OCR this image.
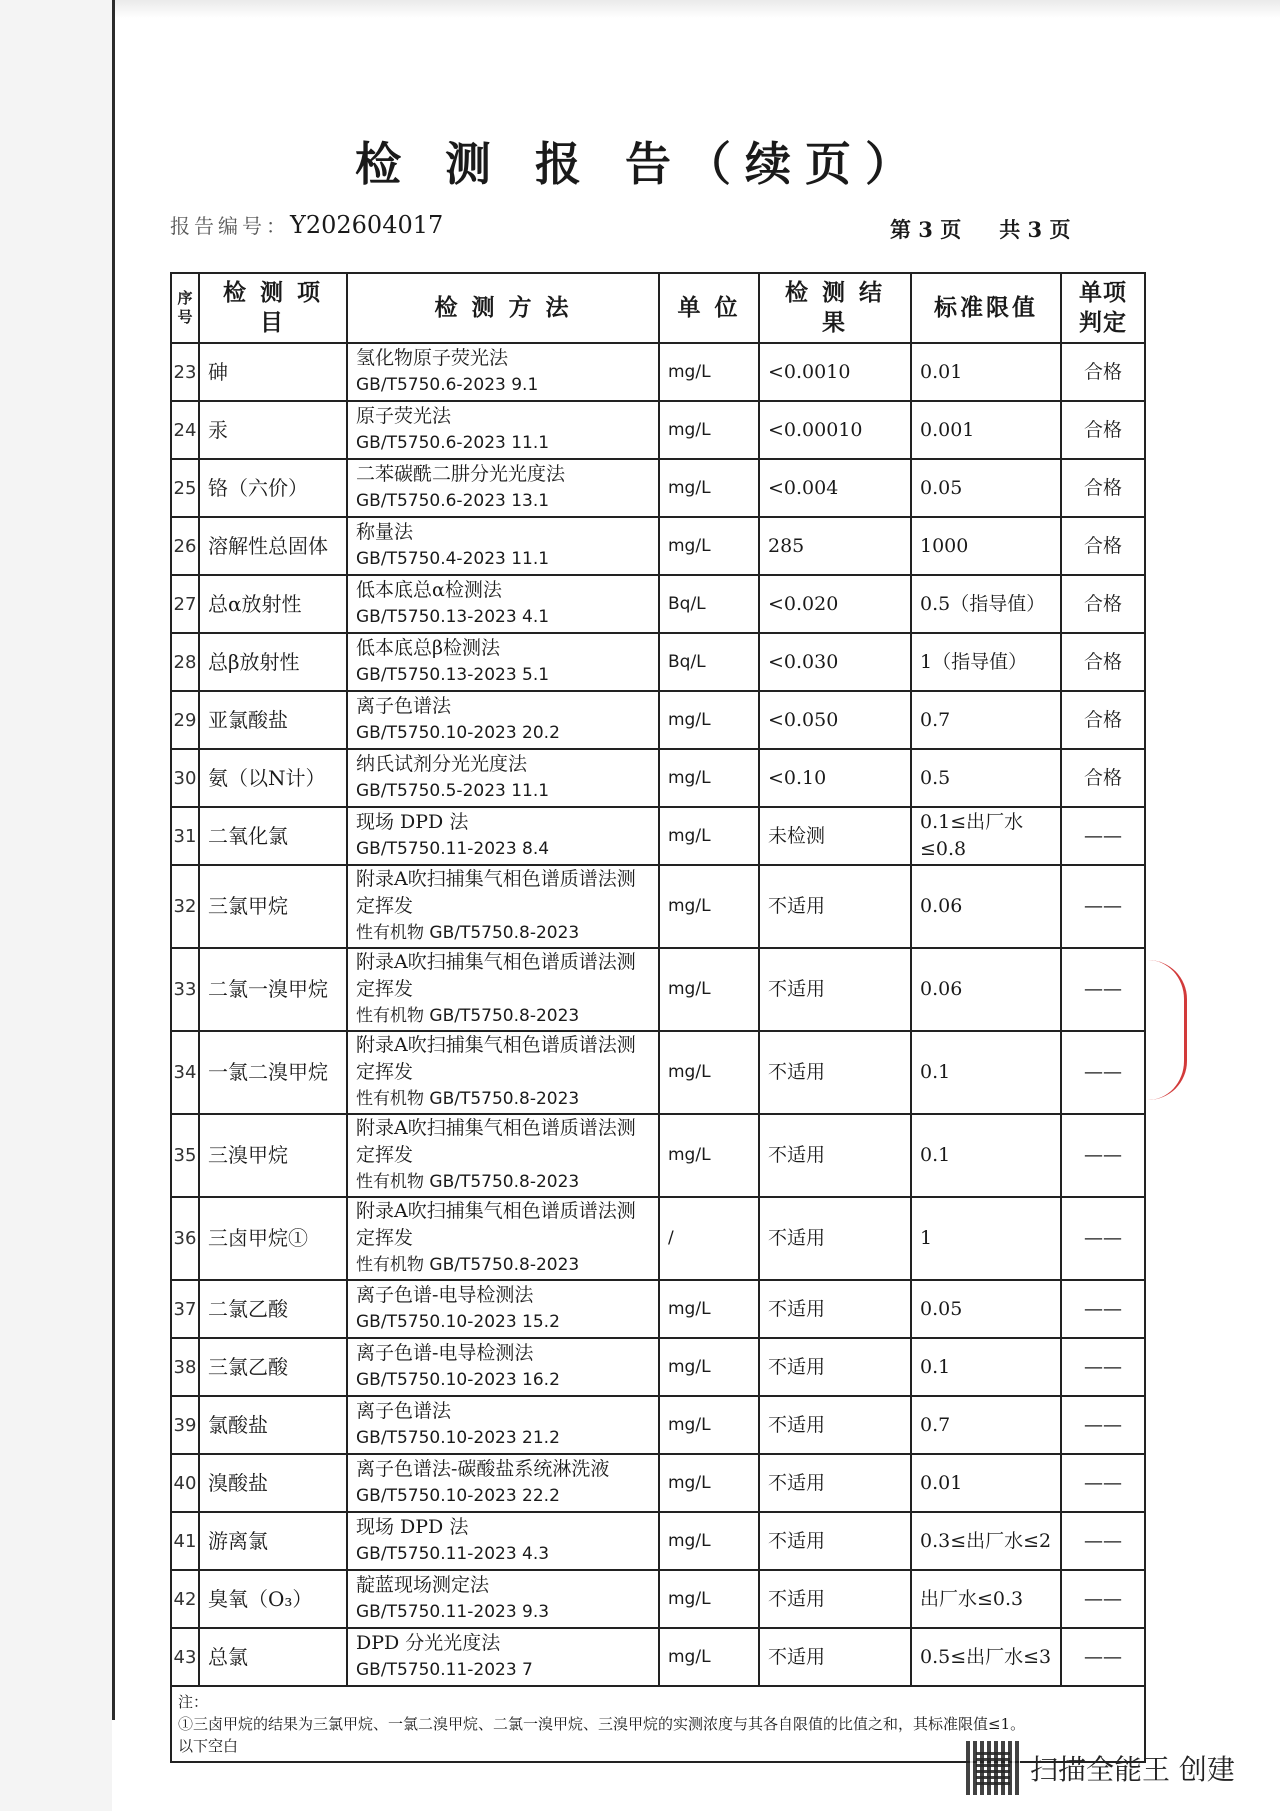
检 测 报 告（续页）
报告编号：Y202604017	第 3 页 共 3 页
序号	检 测 项 目	检 测 方 法	单 位	检 测 结 果	标准限值	单项 判定
23	砷	氢化物原子荧光法
GB/T5750.6-2023 9.1	mg/L	<0.0010	0.01	合格
24	汞	原子荧光法
GB/T5750.6-2023 11.1	mg/L	<0.00010	0.001	合格
25	铬（六价）	二苯碳酰二肼分光光度法
GB/T5750.6-2023 13.1	mg/L	<0.004	0.05	合格
26	溶解性总固体	称量法
GB/T5750.4-2023 11.1	mg/L	285	1000	合格
27	总α放射性	低本底总α检测法
GB/T5750.13-2023 4.1	Bq/L	<0.020	0.5（指导值）	合格
28	总β放射性	低本底总β检测法
GB/T5750.13-2023 5.1	Bq/L	<0.030	1（指导值）	合格
29	亚氯酸盐	离子色谱法
GB/T5750.10-2023 20.2	mg/L	<0.050	0.7	合格
30	氨（以N计）	纳氏试剂分光光度法
GB/T5750.5-2023 11.1	mg/L	<0.10	0.5	合格
31	二氧化氯	现场 DPD 法
GB/T5750.11-2023 8.4	mg/L	未检测	0.1≤出厂水≤0.8	——
32	三氯甲烷	附录A吹扫捕集气相色谱质谱法测定挥发
性有机物 GB/T5750.8-2023	mg/L	不适用	0.06	——
33	二氯一溴甲烷	附录A吹扫捕集气相色谱质谱法测定挥发
性有机物 GB/T5750.8-2023	mg/L	不适用	0.06	——
34	一氯二溴甲烷	附录A吹扫捕集气相色谱质谱法测定挥发
性有机物 GB/T5750.8-2023	mg/L	不适用	0.1	——
35	三溴甲烷	附录A吹扫捕集气相色谱质谱法测定挥发
性有机物 GB/T5750.8-2023	mg/L	不适用	0.1	——
36	三卤甲烷①	附录A吹扫捕集气相色谱质谱法测定挥发
性有机物 GB/T5750.8-2023	/	不适用	1	——
37	二氯乙酸	离子色谱-电导检测法
GB/T5750.10-2023 15.2	mg/L	不适用	0.05	——
38	三氯乙酸	离子色谱-电导检测法
GB/T5750.10-2023 16.2	mg/L	不适用	0.1	——
39	氯酸盐	离子色谱法
GB/T5750.10-2023 21.2	mg/L	不适用	0.7	——
40	溴酸盐	离子色谱法-碳酸盐系统淋洗液
GB/T5750.10-2023 22.2	mg/L	不适用	0.01	——
41	游离氯	现场 DPD 法
GB/T5750.11-2023 4.3	mg/L	不适用	0.3≤出厂水≤2	——
42	臭氧（O₃）	靛蓝现场测定法
GB/T5750.11-2023 9.3	mg/L	不适用	出厂水≤0.3	——
43	总氯	DPD 分光光度法
GB/T5750.11-2023 7	mg/L	不适用	0.5≤出厂水≤3	——

注：
①三卤甲烷的结果为三氯甲烷、一氯二溴甲烷、二氯一溴甲烷、三溴甲烷的实测浓度与其各自限值的比值之和，其标准限值≤1。
以下空白						
扫描全能王 创建
